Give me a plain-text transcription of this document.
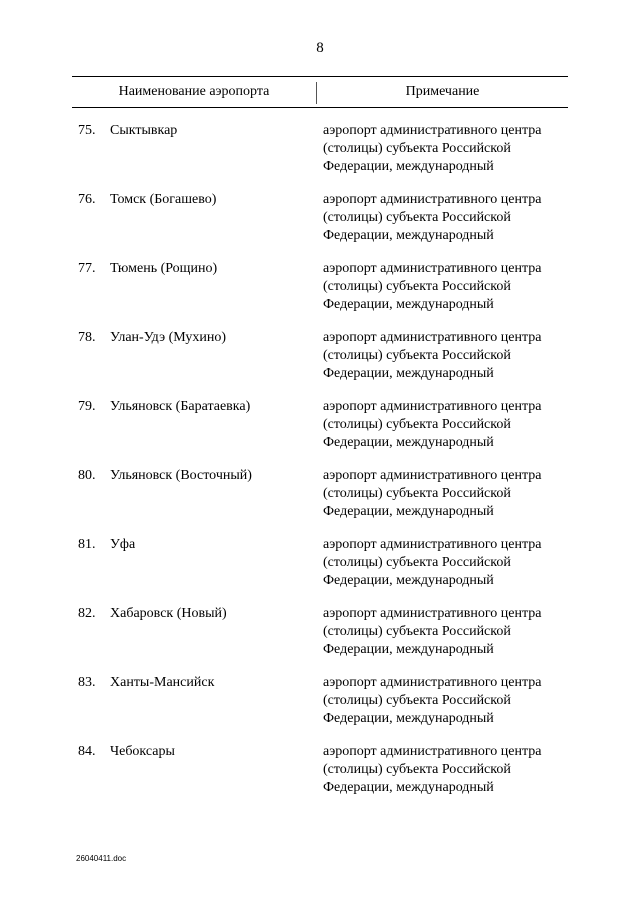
8
Наименование аэропорта	Примечание
75. Сыктывкар	аэропорт административного центра
(столицы) субъекта Российской
Федерации, международный
76. Томск (Богашево)	аэропорт административного центра
(столицы) субъекта Российской
Федерации, международный
77. Тюмень (Рощино)	аэропорт административного центра
(столицы) субъекта Российской
Федерации, международный
78. Улан-Удэ (Мухино)	аэропорт административного центра
(столицы) субъекта Российской
Федерации, международный
79. Ульяновск (Баратаевка)	аэропорт административного центра
(столицы) субъекта Российской
Федерации, международный
80. Ульяновск (Восточный)	аэропорт административного центра
(столицы) субъекта Российской
Федерации, международный
81. Уфа	аэропорт административного центра
(столицы) субъекта Российской
Федерации, международный
82. Хабаровск (Новый)	аэропорт административного центра
(столицы) субъекта Российской
Федерации, международный
83. Ханты-Мансийск	аэропорт административного центра
(столицы) субъекта Российской
Федерации, международный
84. Чебоксары	аэропорт административного центра
(столицы) субъекта Российской
Федерации, международный
26040411.doc
